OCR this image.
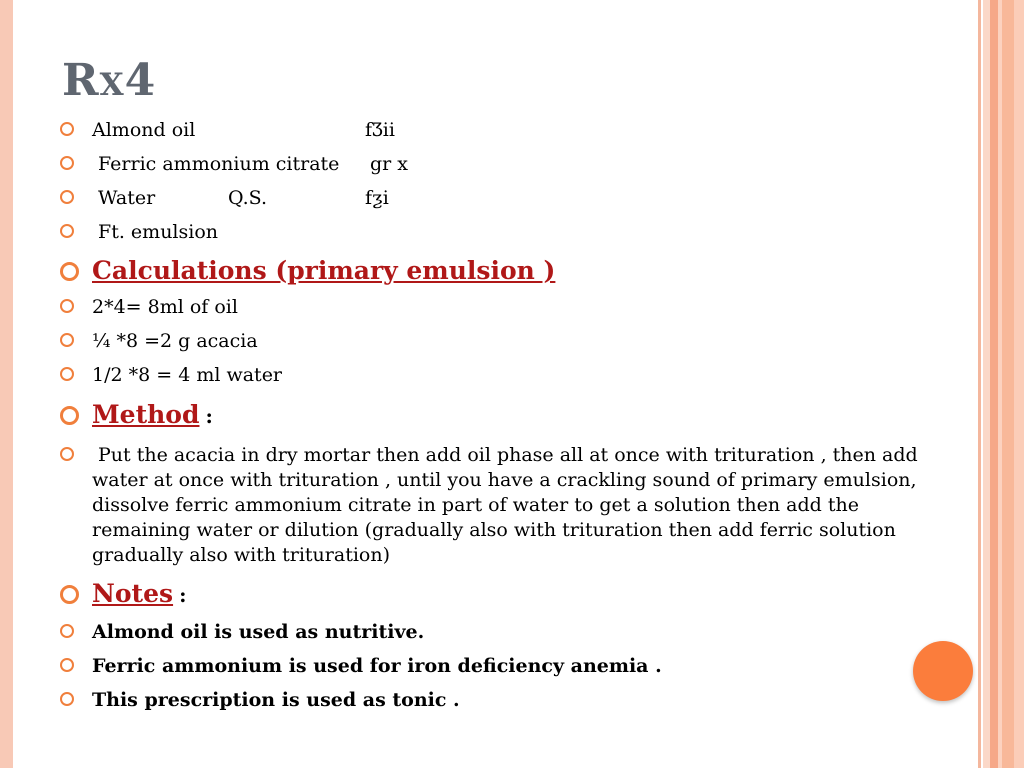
Rx4
Almond oil	fƷii
Ferric ammonium citrate gr x
Water	Q.S.	fƺi
Ft. emulsion
Calculations (primary emulsion )
2*4= 8ml of oil
¼ *8 =2 g acacia
1/2 *8 = 4 ml water
Method :
Put the acacia in dry mortar then add oil phase all at once with trituration , then add water at once with trituration , until you have a crackling sound of primary emulsion, dissolve ferric ammonium citrate in part of water to get a solution then add the remaining water or dilution (gradually also with trituration then add ferric solution gradually also with trituration)
Notes :
Almond oil is used as nutritive.
Ferric ammonium is used for iron deficiency anemia .
This prescription is used as tonic .
